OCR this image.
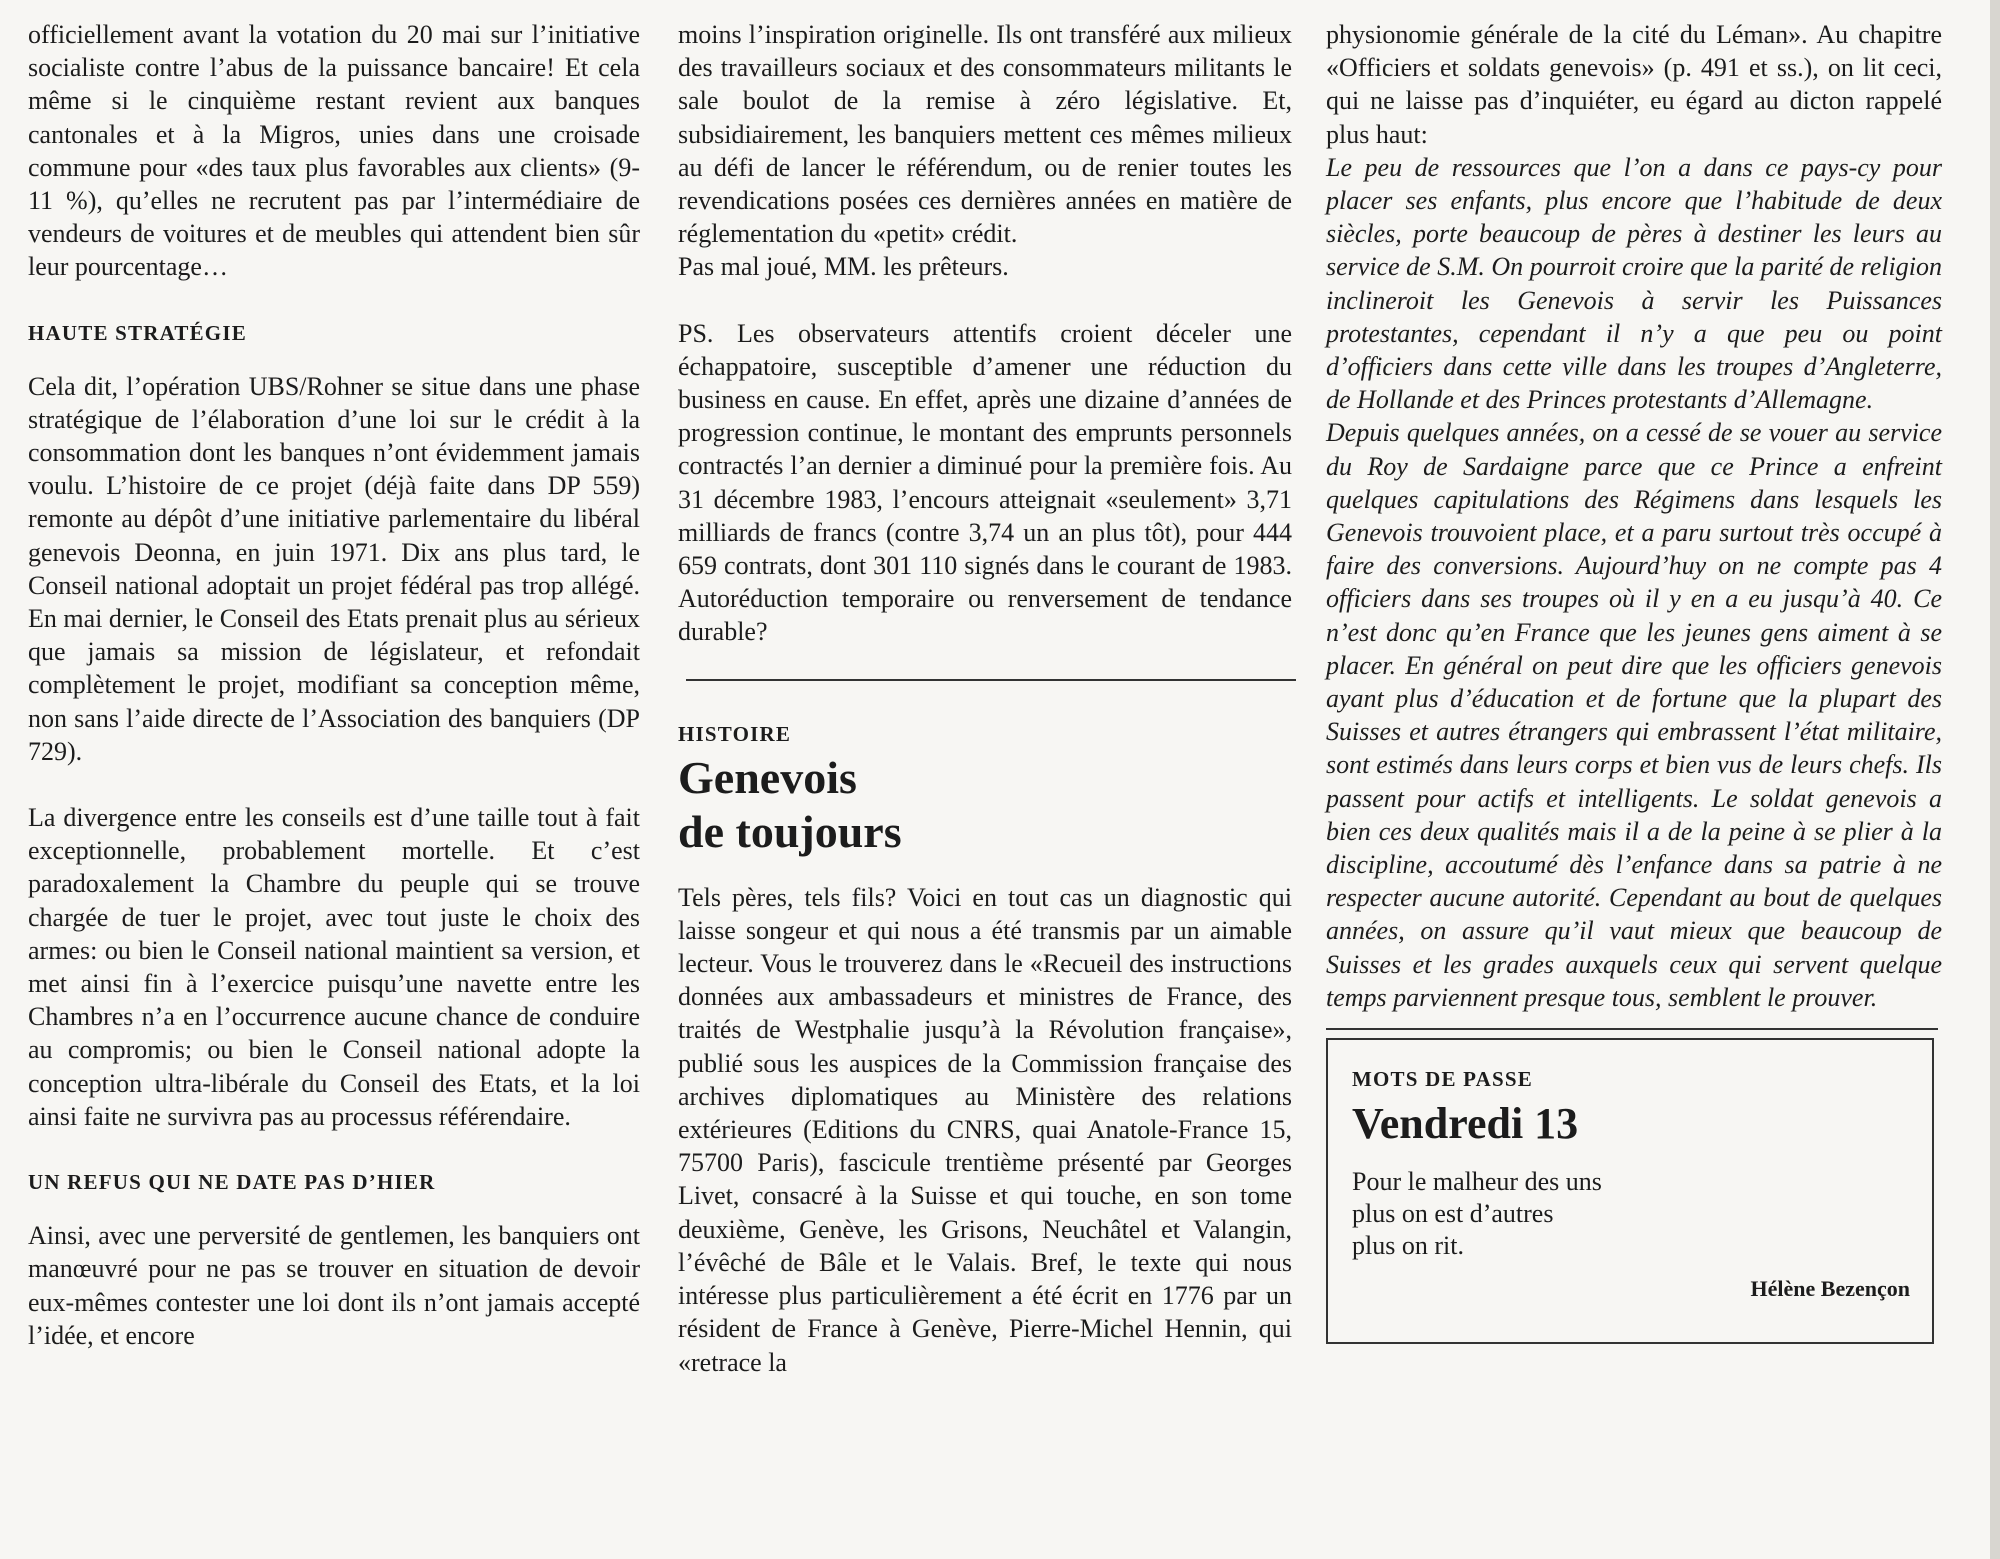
officiellement avant la votation du 20 mai sur l’initiative socialiste contre l’abus de la puissance bancaire! Et cela même si le cinquième restant revient aux banques cantonales et à la Migros, unies dans une croisade commune pour «des taux plus favorables aux clients» (9-11 %), qu’elles ne recrutent pas par l’intermédiaire de vendeurs de voitures et de meubles qui attendent bien sûr leur pourcentage…

HAUTE STRATÉGIE

Cela dit, l’opération UBS/Rohner se situe dans une phase stratégique de l’élaboration d’une loi sur le crédit à la consommation dont les banques n’ont évidemment jamais voulu. L’histoire de ce projet (déjà faite dans DP 559) remonte au dépôt d’une initiative parlementaire du libéral genevois Deonna, en juin 1971. Dix ans plus tard, le Conseil national adoptait un projet fédéral pas trop allégé. En mai dernier, le Conseil des Etats prenait plus au sérieux que jamais sa mission de législateur, et refondait complètement le projet, modifiant sa conception même, non sans l’aide directe de l’Association des banquiers (DP 729).

La divergence entre les conseils est d’une taille tout à fait exceptionnelle, probablement mortelle. Et c’est paradoxalement la Chambre du peuple qui se trouve chargée de tuer le projet, avec tout juste le choix des armes: ou bien le Conseil national maintient sa version, et met ainsi fin à l’exercice puisqu’une navette entre les Chambres n’a en l’occurrence aucune chance de conduire au compromis; ou bien le Conseil national adopte la conception ultra-libérale du Conseil des Etats, et la loi ainsi faite ne survivra pas au processus référendaire.

UN REFUS QUI NE DATE PAS D’HIER

Ainsi, avec une perversité de gentlemen, les banquiers ont manœuvré pour ne pas se trouver en situation de devoir eux-mêmes contester une loi dont ils n’ont jamais accepté l’idée, et encore

moins l’inspiration originelle. Ils ont transféré aux milieux des travailleurs sociaux et des consommateurs militants le sale boulot de la remise à zéro législative. Et, subsidiairement, les banquiers mettent ces mêmes milieux au défi de lancer le référendum, ou de renier toutes les revendications posées ces dernières années en matière de réglementation du «petit» crédit.

Pas mal joué, MM. les prêteurs.

PS. Les observateurs attentifs croient déceler une échappatoire, susceptible d’amener une réduction du business en cause. En effet, après une dizaine d’années de progression continue, le montant des emprunts personnels contractés l’an dernier a diminué pour la première fois. Au 31 décembre 1983, l’encours atteignait «seulement» 3,71 milliards de francs (contre 3,74 un an plus tôt), pour 444 659 contrats, dont 301 110 signés dans le courant de 1983. Autoréduction temporaire ou renversement de tendance durable?

HISTOIRE
Genevois
de toujours

Tels pères, tels fils? Voici en tout cas un diagnostic qui laisse songeur et qui nous a été transmis par un aimable lecteur. Vous le trouverez dans le «Recueil des instructions données aux ambassadeurs et ministres de France, des traités de Westphalie jusqu’à la Révolution française», publié sous les auspices de la Commission française des archives diplomatiques au Ministère des relations extérieures (Editions du CNRS, quai Anatole-France 15, 75700 Paris), fascicule trentième présenté par Georges Livet, consacré à la Suisse et qui touche, en son tome deuxième, Genève, les Grisons, Neuchâtel et Valangin, l’évêché de Bâle et le Valais. Bref, le texte qui nous intéresse plus particulièrement a été écrit en 1776 par un résident de France à Genève, Pierre-Michel Hennin, qui «retrace la

physionomie générale de la cité du Léman». Au chapitre «Officiers et soldats genevois» (p. 491 et ss.), on lit ceci, qui ne laisse pas d’inquiéter, eu égard au dicton rappelé plus haut:

Le peu de ressources que l’on a dans ce pays-cy pour placer ses enfants, plus encore que l’habitude de deux siècles, porte beaucoup de pères à destiner les leurs au service de S.M. On pourroit croire que la parité de religion inclineroit les Genevois à servir les Puissances protestantes, cependant il n’y a que peu ou point d’officiers dans cette ville dans les troupes d’Angleterre, de Hollande et des Princes protestants d’Allemagne.

Depuis quelques années, on a cessé de se vouer au service du Roy de Sardaigne parce que ce Prince a enfreint quelques capitulations des Régimens dans lesquels les Genevois trouvoient place, et a paru surtout très occupé à faire des conversions. Aujourd’huy on ne compte pas 4 officiers dans ses troupes où il y en a eu jusqu’à 40. Ce n’est donc qu’en France que les jeunes gens aiment à se placer. En général on peut dire que les officiers genevois ayant plus d’éducation et de fortune que la plupart des Suisses et autres étrangers qui embrassent l’état militaire, sont estimés dans leurs corps et bien vus de leurs chefs. Ils passent pour actifs et intelligents. Le soldat genevois a bien ces deux qualités mais il a de la peine à se plier à la discipline, accoutumé dès l’enfance dans sa patrie à ne respecter aucune autorité. Cependant au bout de quelques années, on assure qu’il vaut mieux que beaucoup de Suisses et les grades auxquels ceux qui servent quelque temps parviennent presque tous, semblent le prouver.

MOTS DE PASSE
Vendredi 13
Pour le malheur des uns
plus on est d’autres
plus on rit.
Hélène Bezençon
